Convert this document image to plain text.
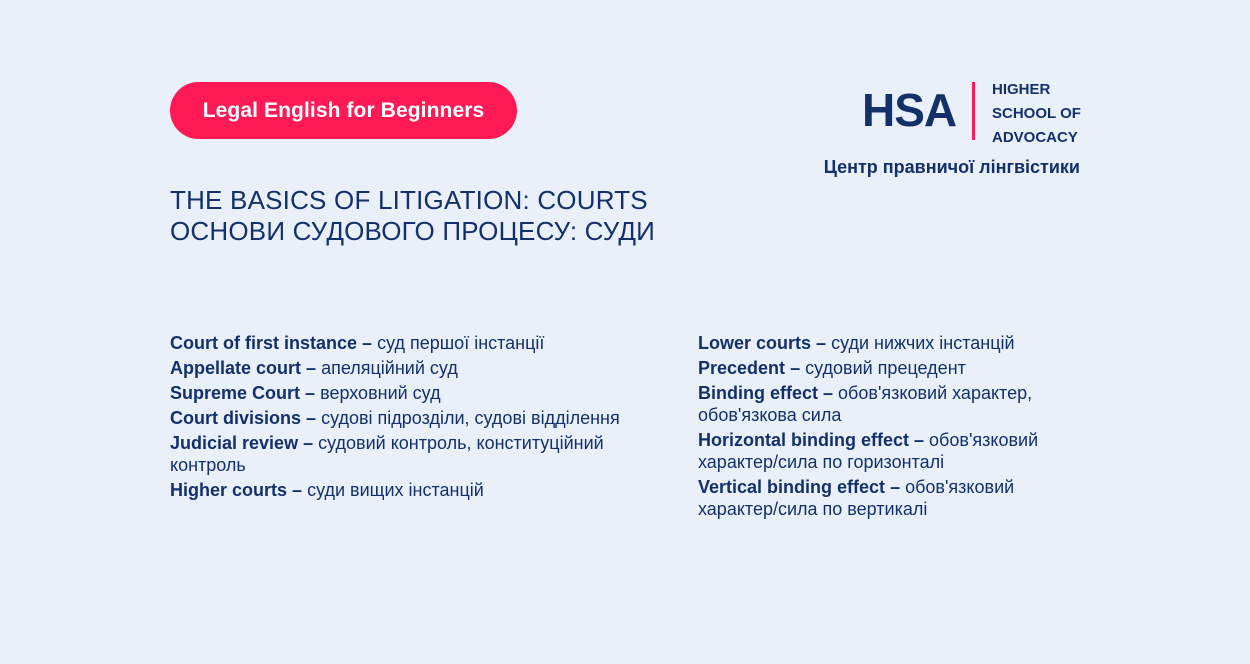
Legal English for Beginners	HSA HIGHER
SCHOOL OF
ADVOCACY
Центр правничої лінгвістики
THE BASICS OF LITIGATION: COURTS
ОСНОВИ СУДОВОГО ПРОЦЕСУ: СУДИ
Court of first instance – суд першої інстанції
Appellate court – апеляційний суд
Supreme Court – верховний суд
Court divisions – судові підрозділи, судові відділення
Judicial review – судовий контроль, конституційний контроль
Higher courts – суди вищих інстанцій
Lower courts – суди нижчих інстанцій
Precedent – судовий прецедент
Binding effect – обов'язковий характер, обов'язкова сила
Horizontal binding effect – обов'язковий характер/сила по горизонталі
Vertical binding effect – обов'язковий характер/сила по вертикалі
